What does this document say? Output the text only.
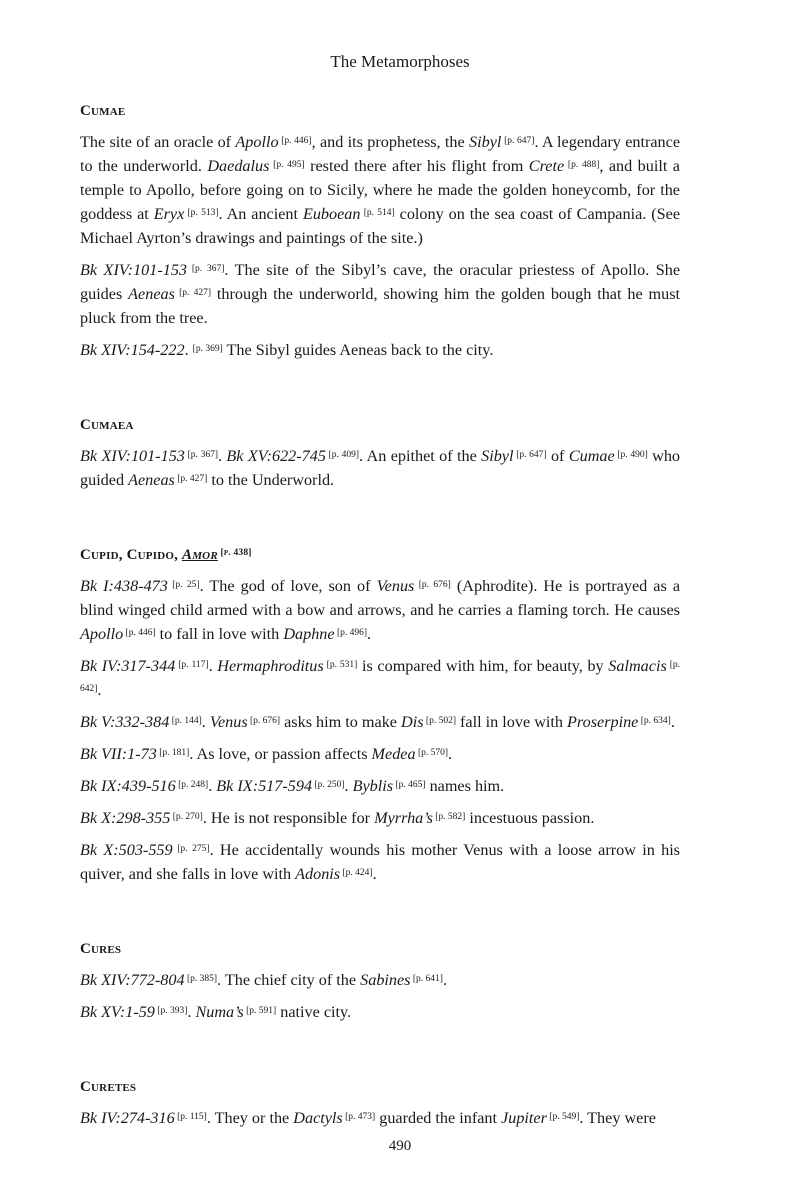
The Metamorphoses
Cumae

The site of an oracle of Apollo [p. 446], and its prophetess, the Sibyl [p. 647]. A legendary entrance to the underworld. Daedalus [p. 495] rested there after his flight from Crete [p. 488], and built a temple to Apollo, before going on to Sicily, where he made the golden honeycomb, for the goddess at Eryx [p. 513]. An ancient Euboean [p. 514] colony on the sea coast of Campania. (See Michael Ayrton’s drawings and paintings of the site.)

Bk XIV:101-153 [p. 367]. The site of the Sibyl’s cave, the oracular priestess of Apollo. She guides Aeneas [p. 427] through the underworld, showing him the golden bough that he must pluck from the tree.

Bk XIV:154-222. [p. 369] The Sibyl guides Aeneas back to the city.

Cumaea

Bk XIV:101-153 [p. 367]. Bk XV:622-745 [p. 409]. An epithet of the Sibyl [p. 647] of Cumae [p. 490] who guided Aeneas [p. 427] to the Underworld.

Cupid, Cupido, Amor [p. 438]

Bk I:438-473 [p. 25]. The god of love, son of Venus [p. 676] (Aphrodite). He is portrayed as a blind winged child armed with a bow and arrows, and he carries a flaming torch. He causes Apollo [p. 446] to fall in love with Daphne [p. 496].

Bk IV:317-344 [p. 117]. Hermaphroditus [p. 531] is compared with him, for beauty, by Salmacis [p. 642].

Bk V:332-384 [p. 144]. Venus [p. 676] asks him to make Dis [p. 502] fall in love with Proserpine [p. 634].

Bk VII:1-73 [p. 181]. As love, or passion affects Medea [p. 570].

Bk IX:439-516 [p. 248]. Bk IX:517-594 [p. 250]. Byblis [p. 465] names him.

Bk X:298-355 [p. 270]. He is not responsible for Myrrha’s [p. 582] incestuous passion.

Bk X:503-559 [p. 275]. He accidentally wounds his mother Venus with a loose arrow in his quiver, and she falls in love with Adonis [p. 424].

Cures

Bk XIV:772-804 [p. 385]. The chief city of the Sabines [p. 641].

Bk XV:1-59 [p. 393]. Numa’s [p. 591] native city.

Curetes

Bk IV:274-316 [p. 115]. They or the Dactyls [p. 473] guarded the infant Jupiter [p. 549]. They were

490
